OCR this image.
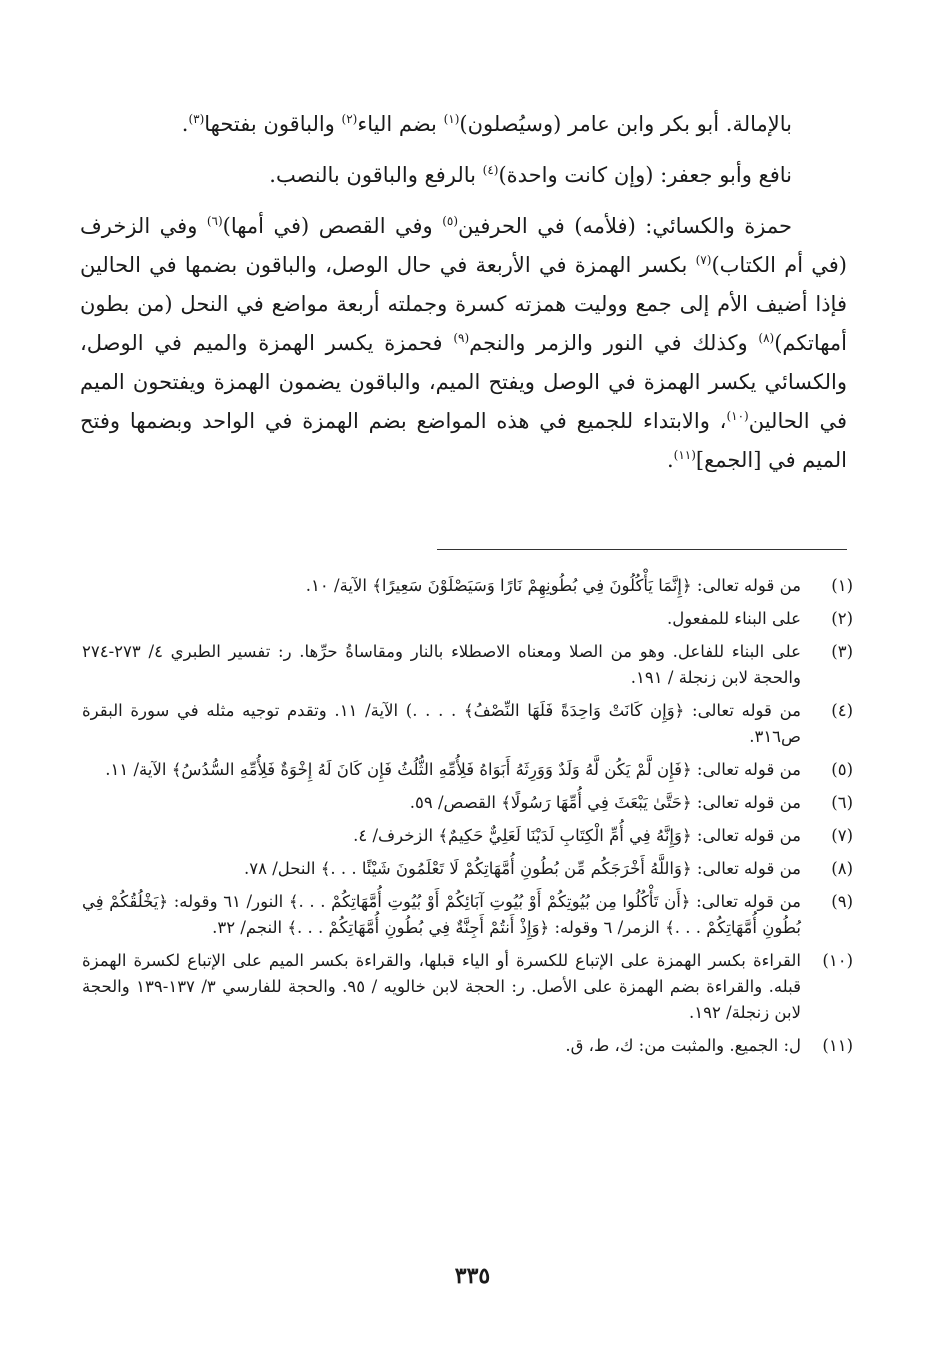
بالإمالة. أبو بكر وابن عامر (وسيُصلون)$^{(١)}$ بضم الياء$^{(٢)}$ والباقون بفتحها$^{(٣)}$.

نافع وأبو جعفر: (وإن كانت واحدة)$^{(٤)}$ بالرفع والباقون بالنصب.

حمزة والكسائي: (فلأمه) في الحرفين$^{(٥)}$ وفي القصص (في أمها)$^{(٦)}$ وفي الزخرف (في أم الكتاب)$^{(٧)}$ بكسر الهمزة في الأربعة في حال الوصل، والباقون بضمها في الحالين فإذا أضيف الأم إلى جمع ووليت همزته كسرة وجملته أربعة مواضع في النحل (من بطون أمهاتكم)$^{(٨)}$ وكذلك في النور والزمر والنجم$^{(٩)}$ فحمزة يكسر الهمزة والميم في الوصل، والكسائي يكسر الهمزة في الوصل ويفتح الميم، والباقون يضمون الهمزة ويفتحون الميم في الحالين$^{(١٠)}$، والابتداء للجميع في هذه المواضع بضم الهمزة في الواحد وبضمها وفتح الميم في [الجمع]$^{(١١)}$.

(١)
من قوله تعالى: ﴿إِنَّمَا يَأْكُلُونَ فِي بُطُونِهِمْ نَارًا وَسَيَصْلَوْنَ سَعِيرًا﴾ الآية/ ١٠.
(٢)
على البناء للمفعول.
(٣)
على البناء للفاعل. وهو من الصلا ومعناه الاصطلاء بالنار ومقاساةُ حرِّها. ر: تفسير الطبري ٤/ ٢٧٣-٢٧٤ والحجة لابن زنجلة / ١٩١.
(٤)
من قوله تعالى: ﴿وَإِن كَانَتْ وَاحِدَةً فَلَهَا النِّصْفُ﴾ . . . .) الآية/ ١١. وتقدم توجيه مثله في سورة البقرة ص٣١٦.
(٥)
من قوله تعالى: ﴿فَإِن لَّمْ يَكُن لَّهُ وَلَدٌ وَوَرِثَهُ أَبَوَاهُ فَلِأُمِّهِ الثُّلُثُ فَإِن كَانَ لَهُ إِخْوَةٌ فَلِأُمِّهِ السُّدُسُ﴾ الآية/ ١١.
(٦)
من قوله تعالى: ﴿حَتَّىٰ يَبْعَثَ فِي أُمِّهَا رَسُولًا﴾ القصص/ ٥٩.
(٧)
من قوله تعالى: ﴿وَإِنَّهُ فِي أُمِّ الْكِتَابِ لَدَيْنَا لَعَلِيٌّ حَكِيمٌ﴾ الزخرف/ ٤.
(٨)
من قوله تعالى: ﴿وَاللَّهُ أَخْرَجَكُم مِّن بُطُونِ أُمَّهَاتِكُمْ لَا تَعْلَمُونَ شَيْئًا . . .﴾ النحل/ ٧٨.
(٩)
من قوله تعالى: ﴿أَن تَأْكُلُوا مِن بُيُوتِكُمْ أَوْ بُيُوتِ آبَائِكُمْ أَوْ بُيُوتِ أُمَّهَاتِكُمْ . . .﴾ النور/ ٦١ وقوله: ﴿يَخْلُقُكُمْ فِي بُطُونِ أُمَّهَاتِكُمْ . . .﴾ الزمر/ ٦ وقوله: ﴿وَإِذْ أَنتُمْ أَجِنَّةٌ فِي بُطُونِ أُمَّهَاتِكُمْ . . .﴾ النجم/ ٣٢.
(١٠)
القراءة بكسر الهمزة على الإتباع للكسرة أو الياء قبلها، والقراءة بكسر الميم على الإتباع لكسرة الهمزة قبله. والقراءة بضم الهمزة على الأصل. ر: الحجة لابن خالويه / ٩٥. والحجة للفارسي ٣/ ١٣٧-١٣٩ والحجة لابن زنجلة/ ١٩٢.
(١١)
ل: الجميع. والمثبت من: ك، ط، ق.
٣٣٥
